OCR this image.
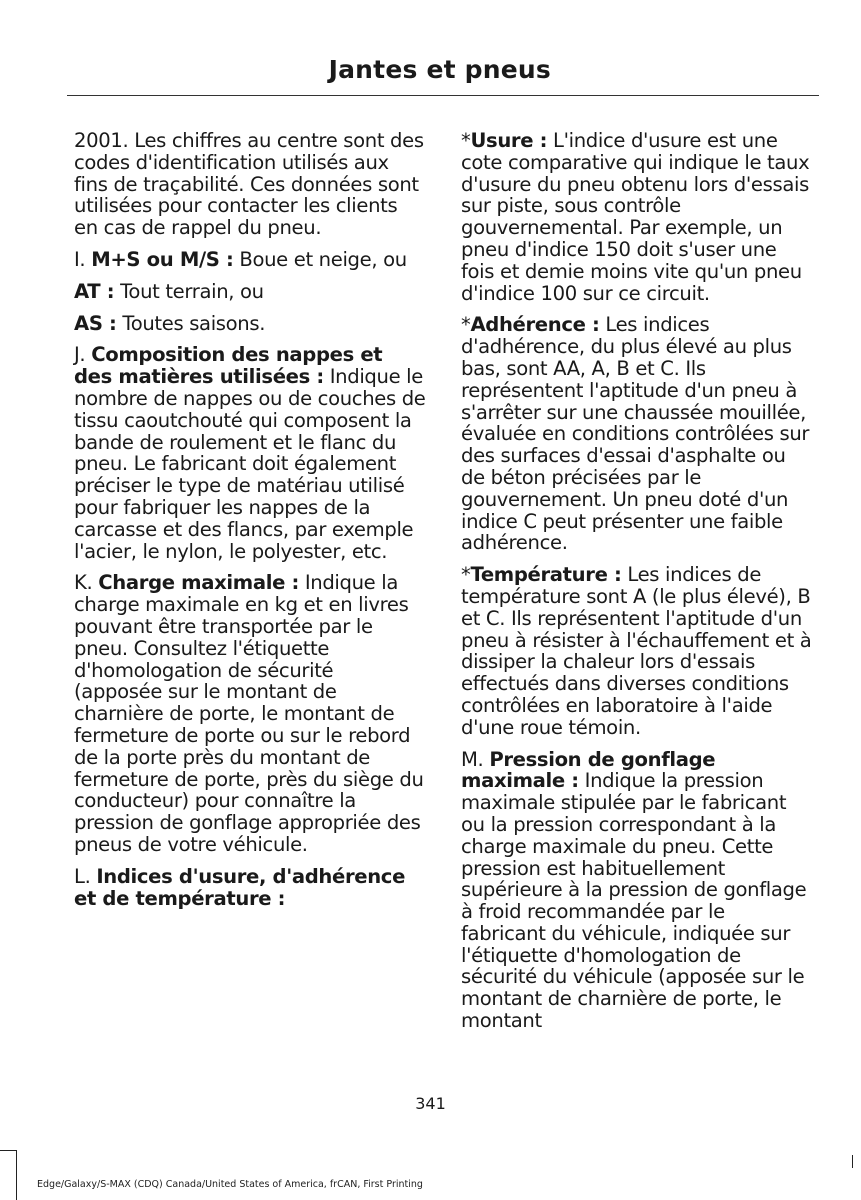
Jantes et pneus

2001. Les chiffres au centre sont des codes d'identification utilisés aux fins de traçabilité. Ces données sont utilisées pour contacter les clients en cas de rappel du pneu.

I. M+S ou M/S : Boue et neige, ou

AT : Tout terrain, ou

AS : Toutes saisons.

J. Composition des nappes et des matières utilisées : Indique le nombre de nappes ou de couches de tissu caoutchouté qui composent la bande de roulement et le flanc du pneu. Le fabricant doit également préciser le type de matériau utilisé pour fabriquer les nappes de la carcasse et des flancs, par exemple l'acier, le nylon, le polyester, etc.

K. Charge maximale : Indique la charge maximale en kg et en livres pouvant être transportée par le pneu. Consultez l'étiquette d'homologation de sécurité (apposée sur le montant de charnière de porte, le montant de fermeture de porte ou sur le rebord de la porte près du montant de fermeture de porte, près du siège du conducteur) pour connaître la pression de gonflage appropriée des pneus de votre véhicule.

L. Indices d'usure, d'adhérence et de température :

*Usure : L'indice d'usure est une cote comparative qui indique le taux d'usure du pneu obtenu lors d'essais sur piste, sous contrôle gouvernemental. Par exemple, un pneu d'indice 150 doit s'user une fois et demie moins vite qu'un pneu d'indice 100 sur ce circuit.

*Adhérence : Les indices d'adhérence, du plus élevé au plus bas, sont AA, A, B et C. Ils représentent l'aptitude d'un pneu à s'arrêter sur une chaussée mouillée, évaluée en conditions contrôlées sur des surfaces d'essai d'asphalte ou de béton précisées par le gouvernement. Un pneu doté d'un indice C peut présenter une faible adhérence.

*Température : Les indices de température sont A (le plus élevé), B et C. Ils représentent l'aptitude d'un pneu à résister à l'échauffement et à dissiper la chaleur lors d'essais effectués dans diverses conditions contrôlées en laboratoire à l'aide d'une roue témoin.

M. Pression de gonflage maximale : Indique la pression maximale stipulée par le fabricant ou la pression correspondant à la charge maximale du pneu. Cette pression est habituellement supérieure à la pression de gonflage à froid recommandée par le fabricant du véhicule, indiquée sur l'étiquette d'homologation de sécurité du véhicule (apposée sur le montant de charnière de porte, le montant

341
Edge/Galaxy/S-MAX (CDQ) Canada/United States of America, frCAN, First Printing
